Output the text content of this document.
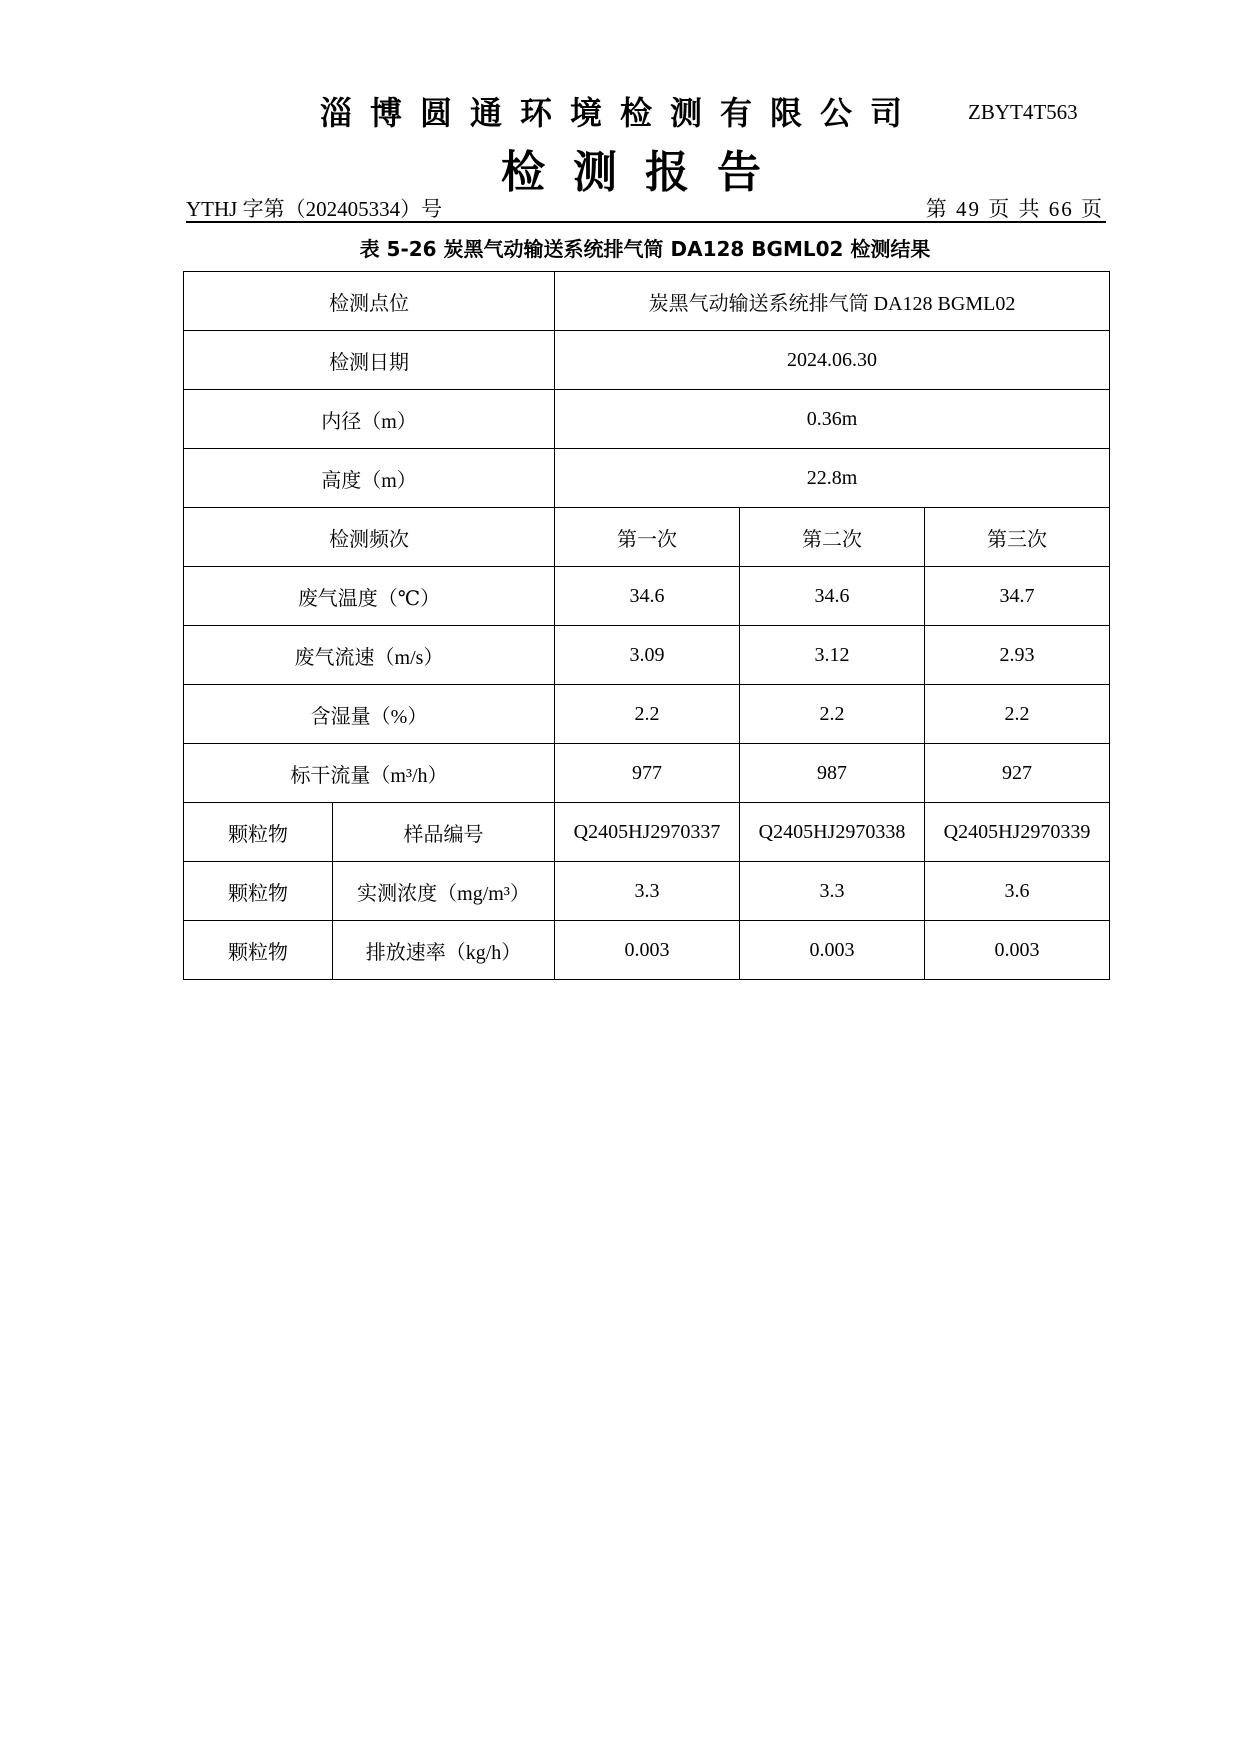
淄博圆通环境检测有限公司	ZBYT4T563
检测报告
YTHJ 字第（202405334）号	第 49 页 共 66 页
表 5-26 炭黑气动输送系统排气筒 DA128 BGML02 检测结果
检测点位		炭黑气动输送系统排气筒 DA128 BGML02		
检测日期		2024.06.30		
内径（m）		0.36m		
高度（m）		22.8m		
检测频次		第一次	第二次	第三次
废气温度（℃）		34.6	34.6	34.7
废气流速（m/s）		3.09	3.12	2.93
含湿量（%）		2.2	2.2	2.2
标干流量（m³/h）		977	987	927
颗粒物	样品编号	Q2405HJ2970337	Q2405HJ2970338	Q2405HJ2970339
颗粒物	实测浓度（mg/m³）	3.3	3.3	3.6
颗粒物	排放速率（kg/h）	0.003	0.003	0.003
